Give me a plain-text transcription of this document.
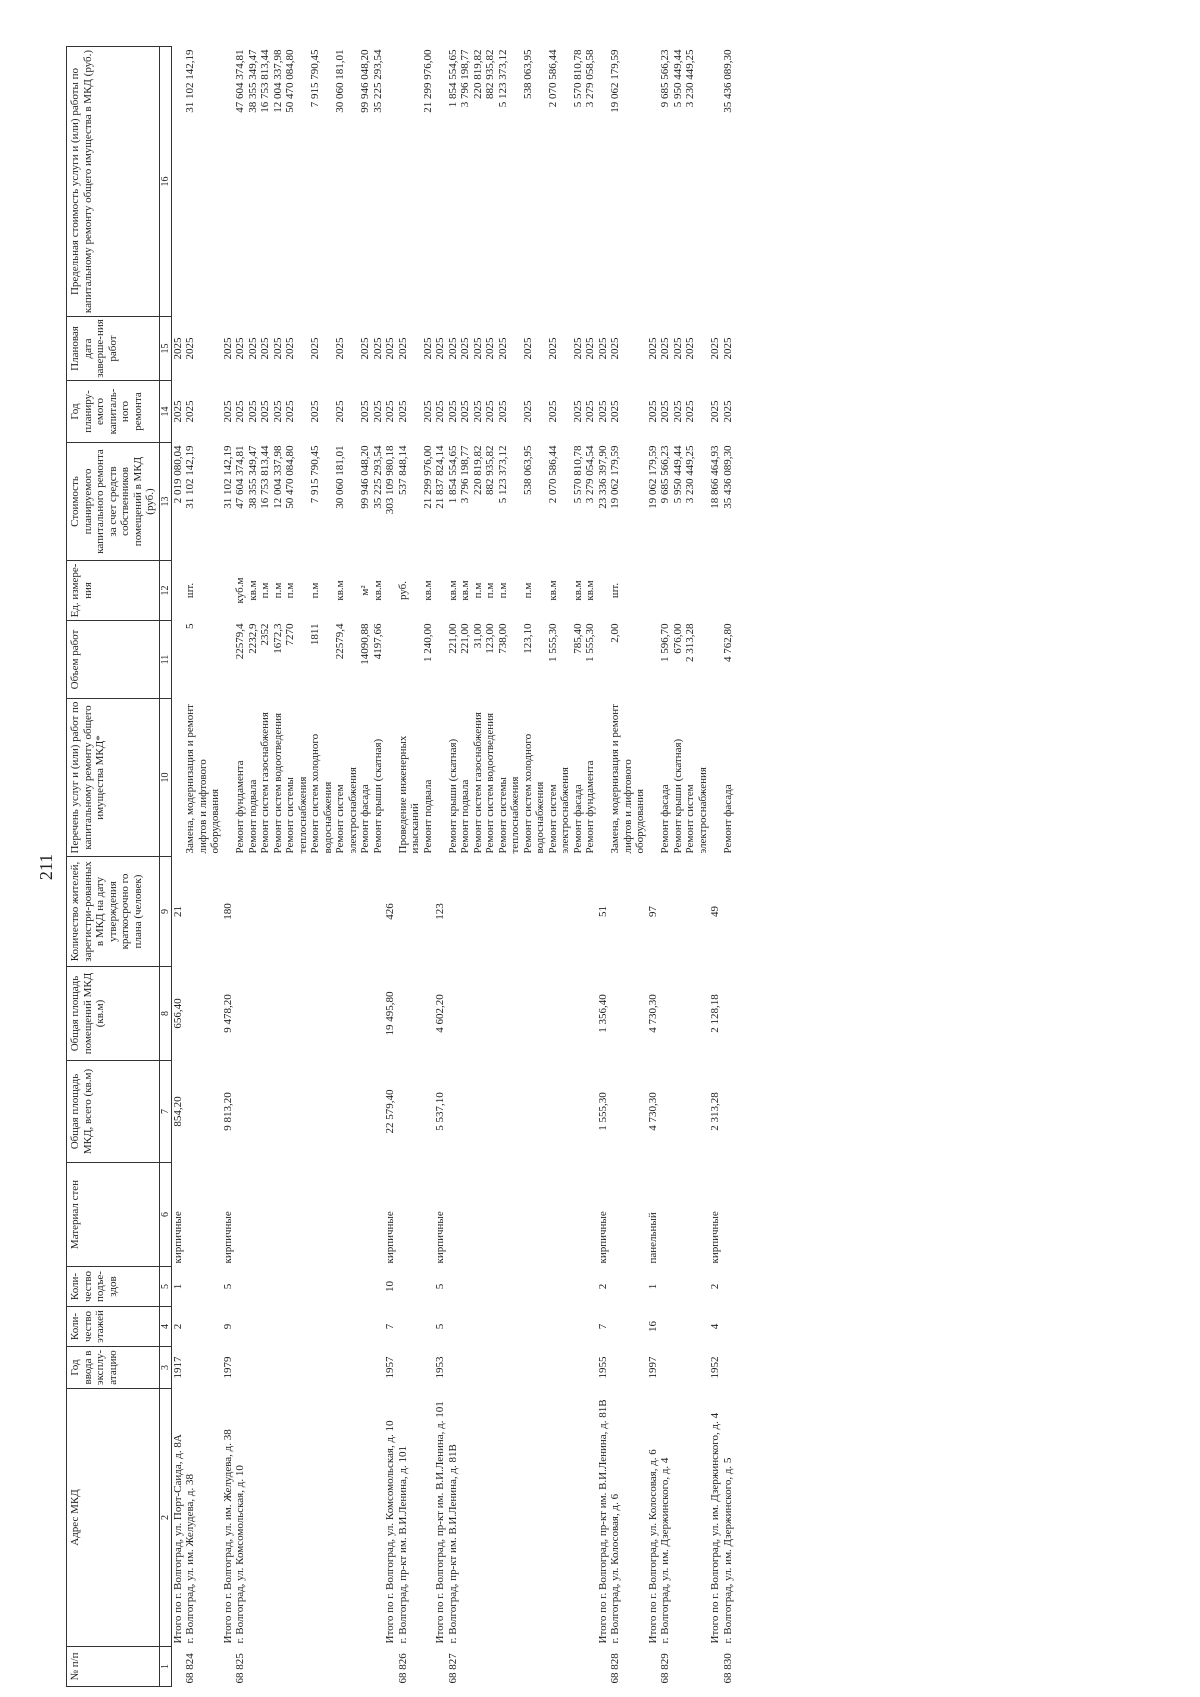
211
№ п/п	Адрес МКД	Год ввода в эксплу-атацию	Коли-чество этажей	Коли-чество подъе-здов	Материал стен	Общая площадь МКД, всего (кв.м)	Общая площадь помещений МКД (кв.м)	Количество жителей, зарегистри-рованных в МКД на дату утверждения краткосрочно го плана (человек)	Перечень услуг и (или) работ по капитальному ремонту общего имущества МКД*	Объем работ	Ед. измере-ния	Стоимость планируемого капитального ремонта за счет средств собственников помещений в МКД (руб.)	Год планиру-емого капиталь-ного ремонта	Плановая дата заверше-ния работ	Предельная стоимость услуги и (или) работы по капитальному ремонту общего имущества в МКД (руб.)
1	2	3	4	5	6	7	8	9	10	11	12	13	14	15	16
	Итого по г. Волгоград, ул. Порт-Саида, д. 8А	1917	2	1	кирпичные	854,20	656,40	21				2 019 080,04	2025	2025	
68 824	г. Волгоград, ул. им. Желудева, д. 38								Замена, модернизация и ремонт лифтов и лифтового оборудования	5	шт.	31 102 142,19	2025	2025	31 102 142,19
	Итого по г. Волгоград, ул. им. Желудева, д. 38	1979	9	5	кирпичные	9 813,20	9 478,20	180				31 102 142,19	2025	2025	
68 825	г. Волгоград, ул. Комсомольская, д. 10								Ремонт фундамента	22579,4	куб.м	47 604 374,81	2025	2025	47 604 374,81
									Ремонт подвала	2232,9	кв.м	38 355 349,47	2025	2025	38 355 349,47
									Ремонт систем газоснабжения	2352	п.м	16 753 813,44	2025	2025	16 753 813,44
									Ремонт систем водоотведения	1672,3	п.м	12 004 337,98	2025	2025	12 004 337,98
									Ремонт системы теплоснабжения	7270	п.м	50 470 084,80	2025	2025	50 470 084,80
									Ремонт систем холодного водоснабжения	1811	п.м	7 915 790,45	2025	2025	7 915 790,45
									Ремонт систем электроснабжения	22579,4	кв.м	30 060 181,01	2025	2025	30 060 181,01
									Ремонт фасада	14090,88	м²	99 946 048,20	2025	2025	99 946 048,20
									Ремонт крыши (скатная)	4197,66	кв.м	35 225 293,54	2025	2025	35 225 293,54
	Итого по г. Волгоград, ул. Комсомольская, д. 10	1957	7	10	кирпичные	22 579,40	19 495,80	426				303 109 980,18	2025	2025	
68 826	г. Волгоград, пр-кт им. В.И.Ленина, д. 101								Проведение инженерных изысканий		руб.	537 848,14	2025	2025	
									Ремонт подвала	1 240,00	кв.м	21 299 976,00	2025	2025	21 299 976,00
	Итого по г. Волгоград, пр-кт им. В.И.Ленина, д. 101	1953	5	5	кирпичные	5 537,10	4 602,20	123				21 837 824,14	2025	2025	
68 827	г. Волгоград, пр-кт им. В.И.Ленина, д. 81В								Ремонт крыши (скатная)	221,00	кв.м	1 854 554,65	2025	2025	1 854 554,65
									Ремонт подвала	221,00	кв.м	3 796 198,77	2025	2025	3 796 198,77
									Ремонт систем газоснабжения	31,00	п.м	220 819,82	2025	2025	220 819,82
									Ремонт систем водоотведения	123,00	п.м	882 935,82	2025	2025	882 935,82
									Ремонт системы теплоснабжения	738,00	п.м	5 123 373,12	2025	2025	5 123 373,12
									Ремонт систем холодного водоснабжения	123,10	п.м	538 063,95	2025	2025	538 063,95
									Ремонт систем электроснабжения	1 555,30	кв.м	2 070 586,44	2025	2025	2 070 586,44
									Ремонт фасада	785,40	кв.м	5 570 810,78	2025	2025	5 570 810,78
									Ремонт фундамента	1 555,30	кв.м	3 279 054,54	2025	2025	3 279 058,58
	Итого по г. Волгоград, пр-кт им. В.И.Ленина, д. 81В	1955	7	2	кирпичные	1 555,30	1 356,40	51				23 336 397,90	2025	2025	
68 828	г. Волгоград, ул. Колосовая, д. 6								Замена, модернизация и ремонт лифтов и лифтового оборудования	2,00	шт.	19 062 179,59	2025	2025	19 062 179,59
	Итого по г. Волгоград, ул. Колосовая, д. 6	1997	16	1	панельный	4 730,30	4 730,30	97				19 062 179,59	2025	2025	
68 829	г. Волгоград, ул. им. Дзержинского, д. 4								Ремонт фасада	1 596,70		9 685 566,23	2025	2025	9 685 566,23
									Ремонт крыши (скатная)	676,00		5 950 449,44	2025	2025	5 950 449,44
									Ремонт систем электроснабжения	2 313,28		3 230 449,25	2025	2025	3 230 449,25
	Итого по г. Волгоград, ул. им. Дзержинского, д. 4	1952	4	2	кирпичные	2 313,28	2 128,18	49				18 866 464,93	2025	2025	
68 830	г. Волгоград, ул. им. Дзержинского, д. 5								Ремонт фасада	4 762,80		35 436 089,30	2025	2025	35 436 089,30
